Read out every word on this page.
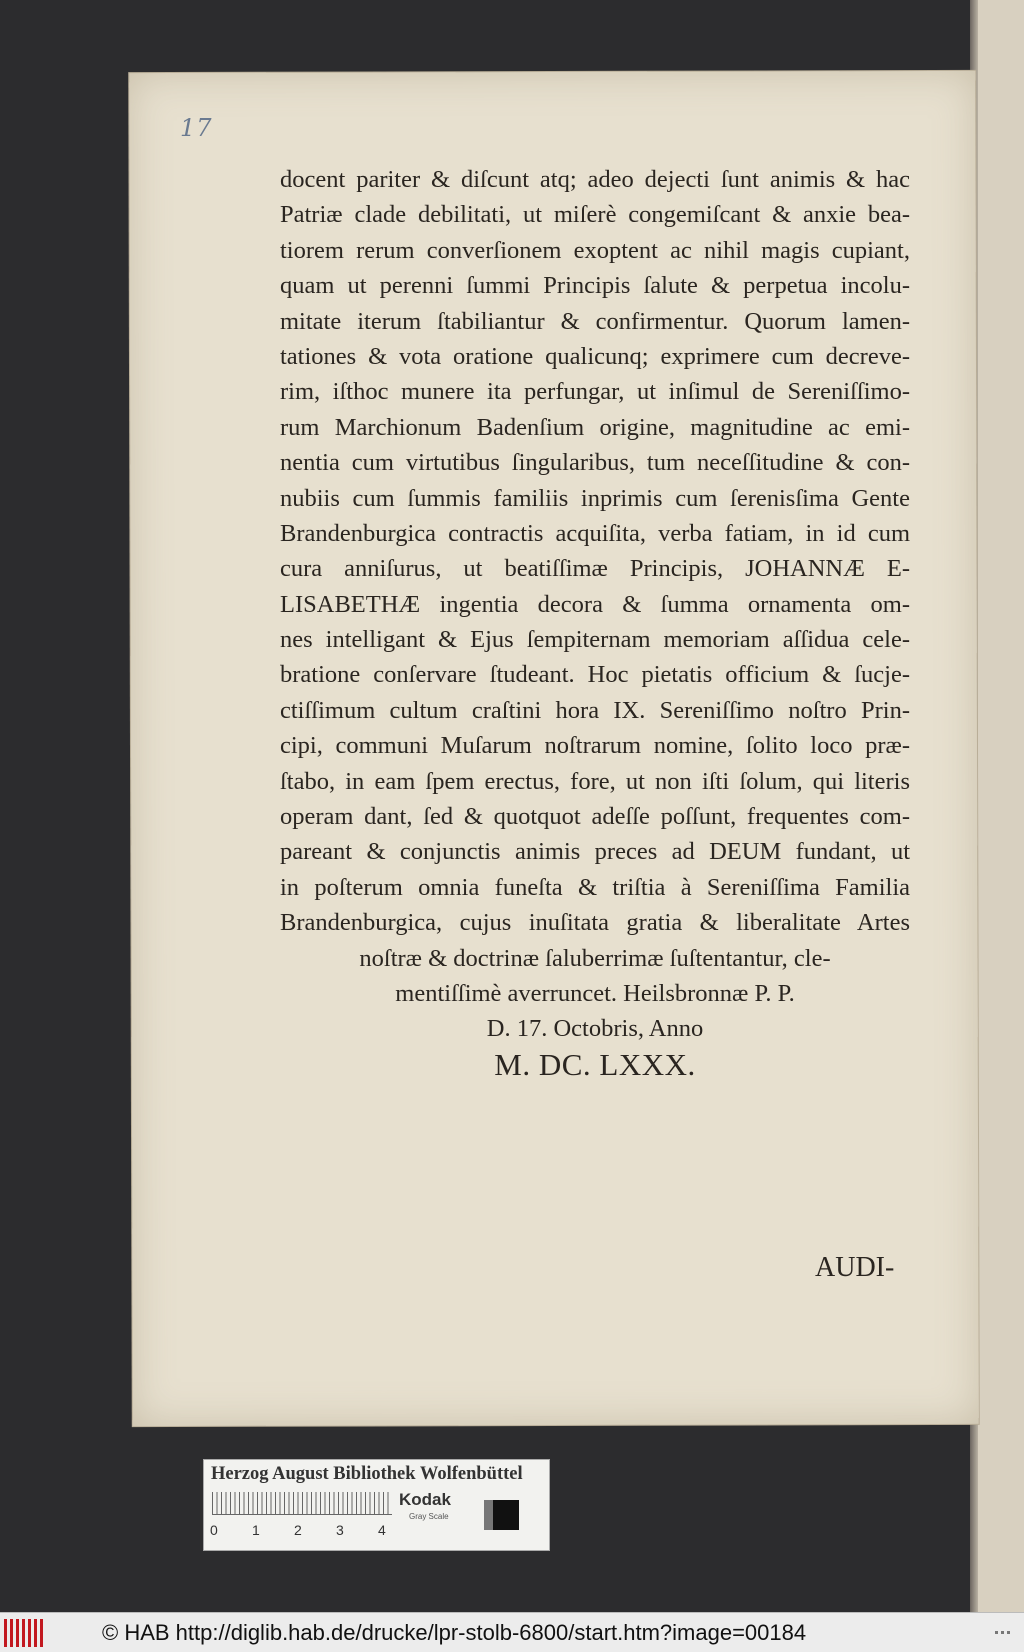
17

docent pariter & diſcunt atq; adeo dejecti ſunt animis & hac
Patriæ clade debilitati, ut miſerè congemiſcant & anxie bea-
tiorem rerum converſionem exoptent ac nihil magis cupiant,
quam ut perenni ſummi Principis ſalute & perpetua incolu-
mitate iterum ſtabiliantur & confirmentur. Quorum lamen-
tationes & vota oratione qualicunq; exprimere cum decreve-
rim, iſthoc munere ita perfungar, ut inſimul de Sereniſſimo-
rum Marchionum Badenſium origine, magnitudine ac emi-
nentia cum virtutibus ſingularibus, tum neceſſitudine & con-
nubiis cum ſummis familiis inprimis cum ſerenisſima Gente
Brandenburgica contractis acquiſita, verba fatiam, in id cum
cura anniſurus, ut beatiſſimæ Principis, JOHANNÆ E-
LISABETHÆ ingentia decora & ſumma ornamenta om-
nes intelligant & Ejus ſempiternam memoriam aſſidua cele-
bratione conſervare ſtudeant. Hoc pietatis officium & ſucje-
ctiſſimum cultum craſtini hora IX. Sereniſſimo noſtro Prin-
cipi, communi Muſarum noſtrarum nomine, ſolito loco præ-
ſtabo, in eam ſpem erectus, fore, ut non iſti ſolum, qui literis
operam dant, ſed & quotquot adeſſe poſſunt, frequentes com-
pareant & conjunctis animis preces ad DEUM fundant, ut
in poſterum omnia funeſta & triſtia à Sereniſſima Familia
Brandenburgica, cujus inuſitata gratia & liberalitate Artes
noſtræ & doctrinæ ſaluberrimæ ſuſtentantur, cle-
mentiſſimè averruncet. Heilsbronnæ P. P.
D. 17. Octobris, Anno
M. DC. LXXX.
AUDI-
Herzog August Bibliothek Wolfenbüttel
0 1 2 3 4
Kodak
Gray Scale
© HAB http://diglib.hab.de/drucke/lpr-stolb-6800/start.htm?image=00184
